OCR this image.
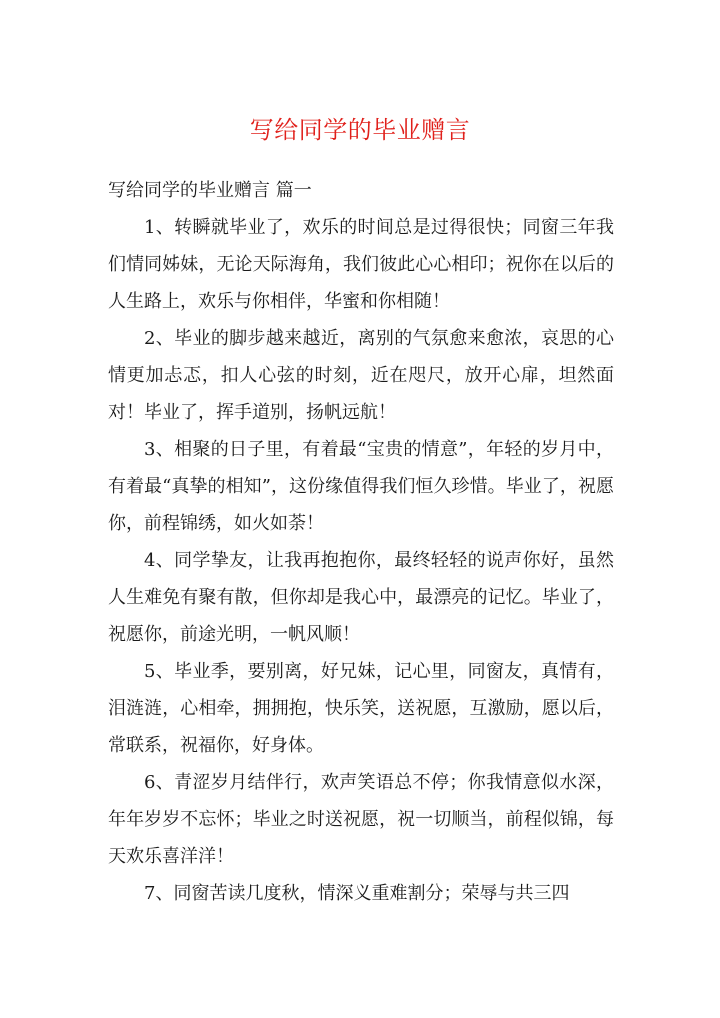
写给同学的毕业赠言

写给同学的毕业赠言 篇一

1、转瞬就毕业了，欢乐的时间总是过得很快；同窗三年我们情同姊妹，无论天际海角，我们彼此心心相印；祝你在以后的人生路上，欢乐与你相伴，华蜜和你相随！

2、毕业的脚步越来越近，离别的气氛愈来愈浓，哀思的心情更加忐忑，扣人心弦的时刻，近在咫尺，放开心扉，坦然面对！毕业了，挥手道别，扬帆远航！

3、相聚的日子里，有着最“宝贵的情意”，年轻的岁月中，有着最“真挚的相知”，这份缘值得我们恒久珍惜。毕业了，祝愿你，前程锦绣，如火如荼！

4、同学挚友，让我再抱抱你，最终轻轻的说声你好，虽然人生难免有聚有散，但你却是我心中，最漂亮的记忆。毕业了，祝愿你，前途光明，一帆风顺！

5、毕业季，要别离，好兄妹，记心里，同窗友，真情有，泪涟涟，心相牵，拥拥抱，快乐笑，送祝愿，互激励，愿以后，常联系，祝福你，好身体。

6、青涩岁月结伴行，欢声笑语总不停；你我情意似水深，年年岁岁不忘怀；毕业之时送祝愿，祝一切顺当，前程似锦，每天欢乐喜洋洋！

7、同窗苦读几度秋，情深义重难割分；荣辱与共三四
